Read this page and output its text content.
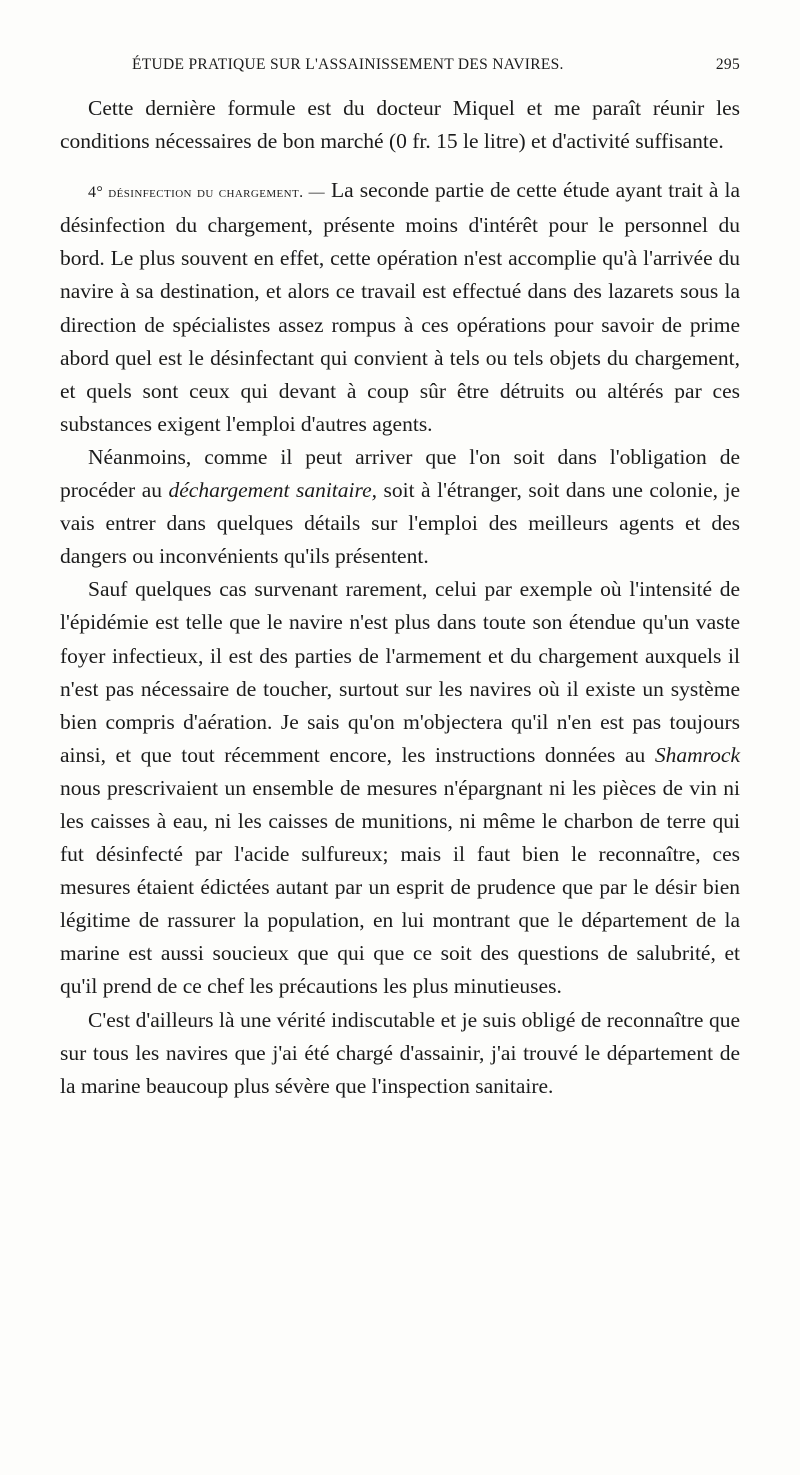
ÉTUDE PRATIQUE SUR L'ASSAINISSEMENT DES NAVIRES.	295

Cette dernière formule est du docteur Miquel et me paraît réunir les conditions nécessaires de bon marché (0 fr. 15 le litre) et d'activité suffisante.

4° désinfection du chargement. — La seconde partie de cette étude ayant trait à la désinfection du chargement, présente moins d'intérêt pour le personnel du bord. Le plus souvent en effet, cette opération n'est accomplie qu'à l'arrivée du navire à sa destination, et alors ce travail est effectué dans des lazarets sous la direction de spécialistes assez rompus à ces opérations pour savoir de prime abord quel est le désinfectant qui convient à tels ou tels objets du chargement, et quels sont ceux qui devant à coup sûr être détruits ou altérés par ces substances exigent l'emploi d'autres agents.

Néanmoins, comme il peut arriver que l'on soit dans l'obligation de procéder au déchargement sanitaire, soit à l'étranger, soit dans une colonie, je vais entrer dans quelques détails sur l'emploi des meilleurs agents et des dangers ou inconvénients qu'ils présentent.

Sauf quelques cas survenant rarement, celui par exemple où l'intensité de l'épidémie est telle que le navire n'est plus dans toute son étendue qu'un vaste foyer infectieux, il est des parties de l'armement et du chargement auxquels il n'est pas nécessaire de toucher, surtout sur les navires où il existe un système bien compris d'aération. Je sais qu'on m'objectera qu'il n'en est pas toujours ainsi, et que tout récemment encore, les instructions données au Shamrock nous prescrivaient un ensemble de mesures n'épargnant ni les pièces de vin ni les caisses à eau, ni les caisses de munitions, ni même le charbon de terre qui fut désinfecté par l'acide sulfureux; mais il faut bien le reconnaître, ces mesures étaient édictées autant par un esprit de prudence que par le désir bien légitime de rassurer la population, en lui montrant que le département de la marine est aussi soucieux que qui que ce soit des questions de salubrité, et qu'il prend de ce chef les précautions les plus minutieuses.

C'est d'ailleurs là une vérité indiscutable et je suis obligé de reconnaître que sur tous les navires que j'ai été chargé d'assainir, j'ai trouvé le département de la marine beaucoup plus sévère que l'inspection sanitaire.
